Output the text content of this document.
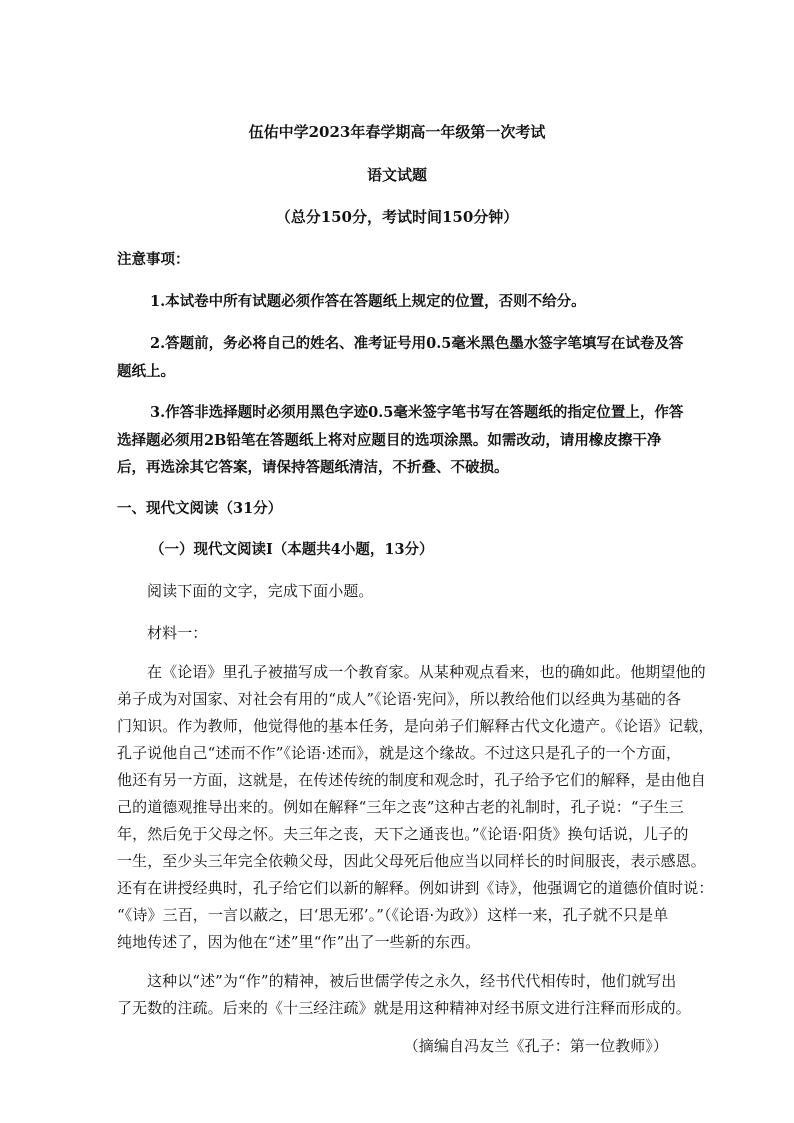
伍佑中学2023年春学期高一年级第一次考试
语文试题
（总分150分，考试时间150分钟）
注意事项：
1.本试卷中所有试题必须作答在答题纸上规定的位置，否则不给分。
2.答题前，务必将自己的姓名、准考证号用0.5毫米黑色墨水签字笔填写在试卷及答
题纸上。
3.作答非选择题时必须用黑色字迹0.5毫米签字笔书写在答题纸的指定位置上，作答
选择题必须用2B铅笔在答题纸上将对应题目的选项涂黑。如需改动，请用橡皮擦干净
后，再选涂其它答案，请保持答题纸清洁，不折叠、不破损。
一、现代文阅读（31分）
（一）现代文阅读Ⅰ（本题共4小题，13分）
阅读下面的文字，完成下面小题。
材料一：
在《论语》里孔子被描写成一个教育家。从某种观点看来，也的确如此。他期望他的
弟子成为对国家、对社会有用的“成人”《论语·宪问》，所以教给他们以经典为基础的各
门知识。作为教师，他觉得他的基本任务，是向弟子们解释古代文化遗产。《论语》记载，
孔子说他自己“述而不作”《论语·述而》，就是这个缘故。不过这只是孔子的一个方面，
他还有另一方面，这就是，在传述传统的制度和观念时，孔子给予它们的解释，是由他自
己的道德观推导出来的。例如在解释“三年之丧”这种古老的礼制时，孔子说：“子生三
年，然后免于父母之怀。夫三年之丧，天下之通丧也。”《论语·阳货》换句话说，儿子的
一生，至少头三年完全依赖父母，因此父母死后他应当以同样长的时间服丧，表示感恩。
还有在讲授经典时，孔子给它们以新的解释。例如讲到《诗》，他强调它的道德价值时说：
“《诗》三百，一言以蔽之，曰‘思无邪’。”（《论语·为政》）这样一来，孔子就不只是单
纯地传述了，因为他在“述”里“作”出了一些新的东西。
这种以“述”为“作”的精神，被后世儒学传之永久，经书代代相传时，他们就写出
了无数的注疏。后来的《十三经注疏》就是用这种精神对经书原文进行注释而形成的。
（摘编自冯友兰《孔子：第一位教师》）
